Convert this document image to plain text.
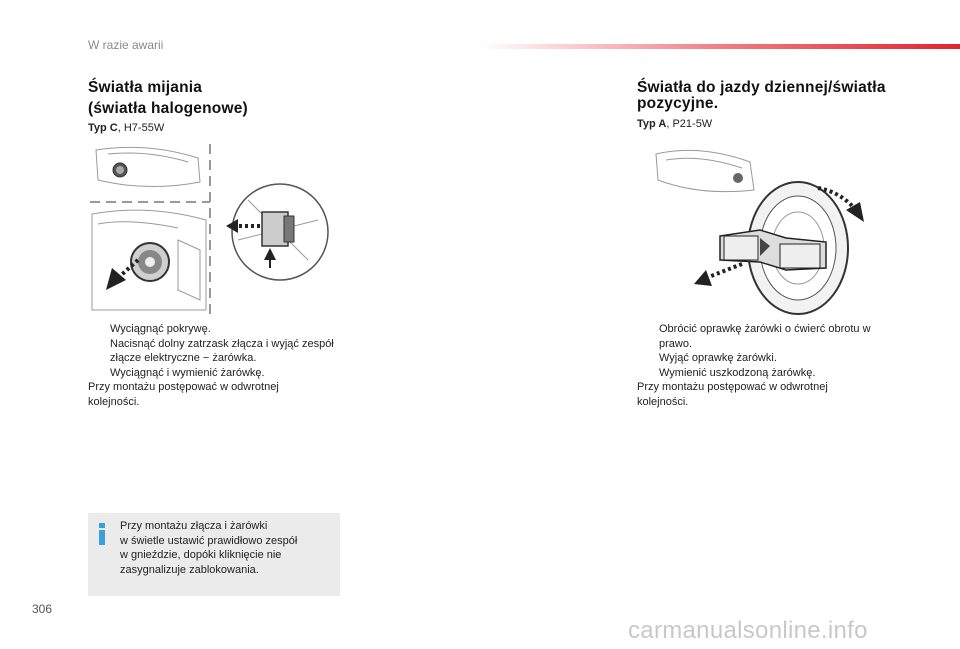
W razie awarii
Światła mijania
(światła halogenowe)
Typ C, H7-55W
Wyciągnąć pokrywę.
Nacisnąć dolny zatrzask złącza i wyjąć zespół złącze elektryczne − żarówka.
Wyciągnąć i wymienić żarówkę.
Przy montażu postępować w odwrotnej
kolejności.
Przy montażu złącza i żarówki
w świetle ustawić prawidłowo zespół
w gnieździe, dopóki kliknięcie nie
zasygnalizuje zablokowania.
Światła do jazdy dziennej/światła
pozycyjne.
Typ A, P21-5W
Obrócić oprawkę żarówki o ćwierć obrotu w prawo.
Wyjąć oprawkę żarówki.
Wymienić uszkodzoną żarówkę.
Przy montażu postępować w odwrotnej
kolejności.
306
carmanualsonline.info
